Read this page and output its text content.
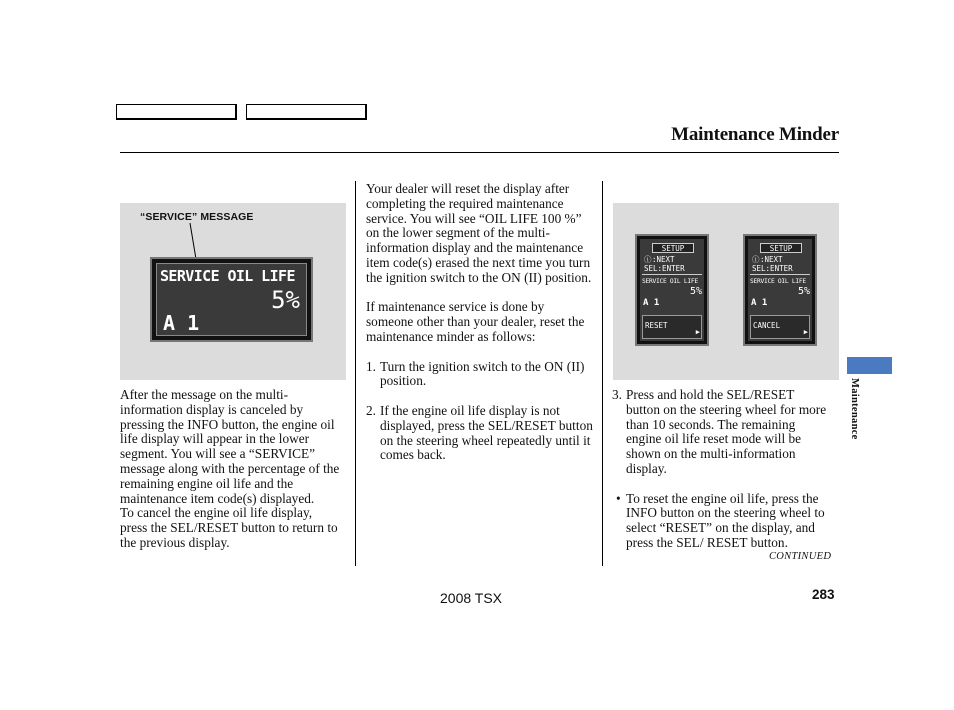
Maintenance Minder
“SERVICE” MESSAGE
SERVICE OIL LIFE
5%
A 1

After the message on the multi-information display is canceled by pressing the INFO button, the engine oil life display will appear in the lower segment. You will see a “SERVICE” message along with the percentage of the remaining engine oil life and the maintenance item code(s) displayed.

To cancel the engine oil life display, press the SEL/RESET button to return to the previous display.

Your dealer will reset the display after completing the required maintenance service. You will see “OIL LIFE 100 %” on the lower segment of the multi-information display and the maintenance item code(s) erased the next time you turn the ignition switch to the ON (II) position.

If maintenance service is done by someone other than your dealer, reset the maintenance minder as follows:

1. Turn the ignition switch to the ON (II) position.
2. If the engine oil life display is not displayed, press the SEL/RESET button on the steering wheel repeatedly until it comes back.
SETUP
ⓘ :NEXT
SEL:ENTER
SERVICE OIL LIFE
5%
A 1
RESET
▶
SETUP
ⓘ :NEXT
SEL:ENTER
SERVICE OIL LIFE
5%
A 1
CANCEL
▶
3. Press and hold the SEL/RESET button on the steering wheel for more than 10 seconds. The remaining engine oil life reset mode will be shown on the multi-information display.
• To reset the engine oil life, press the INFO button on the steering wheel to select “RESET” on the display, and press the SEL/ RESET button.
CONTINUED
Maintenance
2008 TSX	283
